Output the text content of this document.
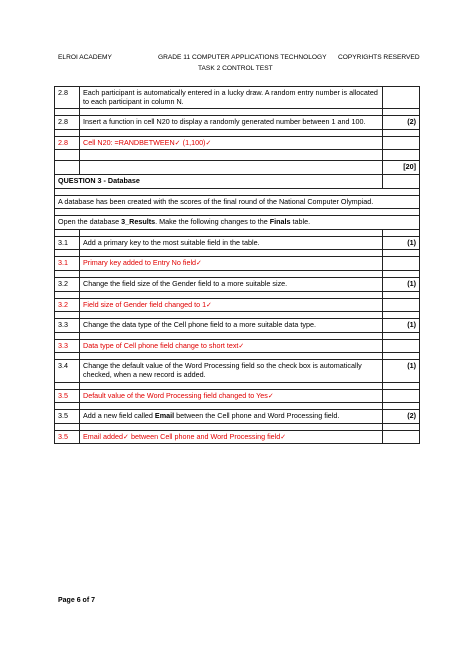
ELROI ACADEMY	GRADE 11 COMPUTER APPLICATIONS TECHNOLOGY COPYRIGHTS RESERVED
TASK 2 CONTROL TEST
2.8	Each participant is automatically entered in a lucky draw. A random entry number is allocated to each participant in column N.	

2.8	Insert a function in cell N20 to display a randomly generated number between 1 and 100.	(2)

2.8	Cell N20: =RANDBETWEEN✓ (1,100)✓	

		[20]
QUESTION 3 - Database		

A database has been created with the scores of the final round of the National Computer Olympiad.		

Open the database 3_Results. Make the following changes to the Finals table.		

3.1	Add a primary key to the most suitable field in the table.	(1)

3.1	Primary key added to Entry No field✓	

3.2	Change the field size of the Gender field to a more suitable size.	(1)

3.2	Field size of Gender field changed to 1✓	

3.3	Change the data type of the Cell phone field to a more suitable data type.	(1)

3.3	Data type of Cell phone field change to short text✓	

3.4	Change the default value of the Word Processing field so the check box is automatically checked, when a new record is added.	(1)

3.5	Default value of the Word Processing field changed to Yes✓	

3.5	Add a new field called Email between the Cell phone and Word Processing field.	(2)

3.5	Email added✓ between Cell phone and Word Processing field✓	
Page 6 of 7
